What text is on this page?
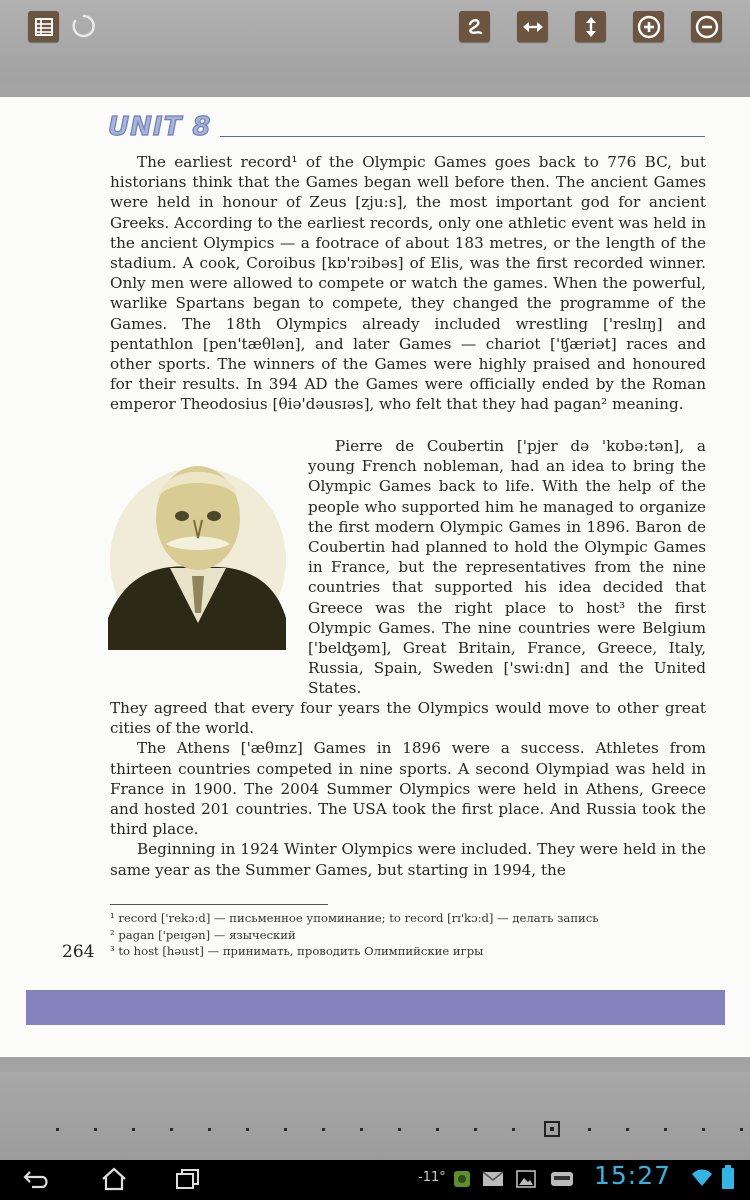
UNIT 8

The earliest record¹ of the Olympic Games goes back to 776 BC, but historians think that the Games began well before then. The ancient Games were held in honour of Zeus [zju:s], the most important god for ancient Greeks. According to the earliest records, only one athletic event was held in the ancient Olympics — a footrace of about 183 metres, or the length of the stadium. A cook, Coroibus [kɒ'rɔibəs] of Elis, was the first recorded winner. Only men were allowed to compete or watch the games. When the powerful, warlike Spartans began to compete, they changed the programme of the Games. The 18th Olympics already included wrestling ['reslɪŋ] and pentathlon [pen'tæθlən], and later Games — chariot ['ʧæriət] races and other sports. The winners of the Games were highly praised and honoured for their results. In 394 AD the Games were officially ended by the Roman emperor Theodosius [θiə'dəusɪəs], who felt that they had pagan² meaning.

Pierre de Coubertin ['pjer də 'kʊbə:tən], a young French nobleman, had an idea to bring the Olympic Games back to life. With the help of the people who supported him he managed to organize the first modern Olympic Games in 1896. Baron de Coubertin had planned to hold the Olympic Games in France, but the representatives from the nine countries that supported his idea decided that Greece was the right place to host³ the first Olympic Games. The nine countries were Belgium ['belʤəm], Great Britain, France, Greece, Italy, Russia, Spain, Sweden ['swi:dn] and the United States.

They agreed that every four years the Olympics would move to other great cities of the world.

The Athens ['æθɪnz] Games in 1896 were a success. Athletes from thirteen countries competed in nine sports. A second Olympiad was held in France in 1900. The 2004 Summer Olympics were held in Athens, Greece and hosted 201 countries. The USA took the first place. And Russia took the third place.

Beginning in 1924 Winter Olympics were included. They were held in the same year as the Summer Games, but starting in 1994, the

¹ record ['rekɔ:d] — письменное упоминание; to record [rɪ'kɔ:d] — делать запись
² pagan ['peɪgən] — языческий
³ to host [həust] — принимать, проводить Олимпийские игры
264
-11°	15:27
